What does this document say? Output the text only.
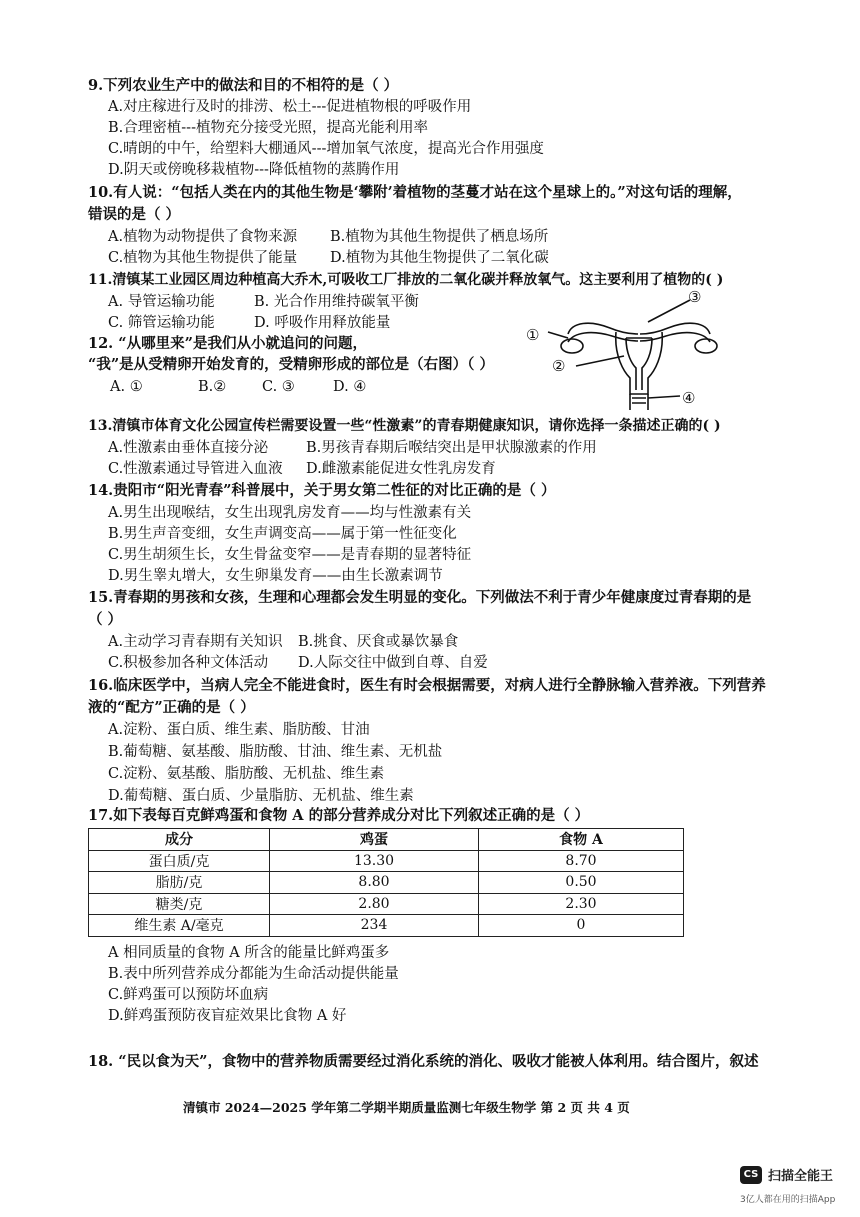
9.下列农业生产中的做法和目的不相符的是（ ）
A.对庄稼进行及时的排涝、松土---促进植物根的呼吸作用
B.合理密植---植物充分接受光照，提高光能利用率
C.晴朗的中午，给塑料大棚通风---增加氧气浓度，提高光合作用强度
D.阴天或傍晚移栽植物---降低植物的蒸腾作用
10.有人说：“包括人类在内的其他生物是‘攀附’着植物的茎蔓才站在这个星球上的。”对这句话的理解，
错误的是（ ）
A.植物为动物提供了食物来源 B.植物为其他生物提供了栖息场所
C.植物为其他生物提供了能量 D.植物为其他生物提供了二氧化碳
11.清镇某工业园区周边种植高大乔木,可吸收工厂排放的二氧化碳并释放氧气。这主要利用了植物的( )
A. 导管运输功能	B. 光合作用维持碳氧平衡
C. 筛管运输功能	D. 呼吸作用释放能量
12. “从哪里来”是我们从小就追问的问题，
“我”是从受精卵开始发育的，受精卵形成的部位是（右图）（ ）
A. ①	B.② C. ③	D. ④
①
②
③
④
13.清镇市体育文化公园宣传栏需要设置一些“性激素”的青春期健康知识，请你选择一条描述正确的( )
A.性激素由垂体直接分泌	B.男孩青春期后喉结突出是甲状腺激素的作用
C.性激素通过导管进入血液 D.雌激素能促进女性乳房发育
14.贵阳市“阳光青春”科普展中，关于男女第二性征的对比正确的是（ ）
A.男生出现喉结，女生出现乳房发育——均与性激素有关
B.男生声音变细，女生声调变高——属于第一性征变化
C.男生胡须生长，女生骨盆变窄——是青春期的显著特征
D.男生睾丸增大，女生卵巢发育——由生长激素调节
15.青春期的男孩和女孩，生理和心理都会发生明显的变化。下列做法不利于青少年健康度过青春期的是
（ ）
A.主动学习青春期有关知识 B.挑食、厌食或暴饮暴食
C.积极参加各种文体活动 D.人际交往中做到自尊、自爱
16.临床医学中，当病人完全不能进食时，医生有时会根据需要，对病人进行全静脉输入营养液。下列营养
液的“配方”正确的是（ ）
A.淀粉、蛋白质、维生素、脂肪酸、甘油
B.葡萄糖、氨基酸、脂肪酸、甘油、维生素、无机盐
C.淀粉、氨基酸、脂肪酸、无机盐、维生素
D.葡萄糖、蛋白质、少量脂肪、无机盐、维生素
17.如下表每百克鲜鸡蛋和食物 A 的部分营养成分对比下列叙述正确的是（ ）
成分	鸡蛋	食物 A
蛋白质/克	13.30	8.70
脂肪/克	8.80	0.50
糖类/克	2.80	2.30
维生素 A/毫克	234	0
A 相同质量的食物 A 所含的能量比鲜鸡蛋多
B.表中所列营养成分都能为生命活动提供能量
C.鲜鸡蛋可以预防坏血病
D.鲜鸡蛋预防夜盲症效果比食物 A 好
18. “民以食为天”，食物中的营养物质需要经过消化系统的消化、吸收才能被人体利用。结合图片，叙述
清镇市 2024—2025 学年第二学期半期质量监测七年级生物学 第 2 页 共 4 页
CS 扫描全能王
3亿人都在用的扫描App
